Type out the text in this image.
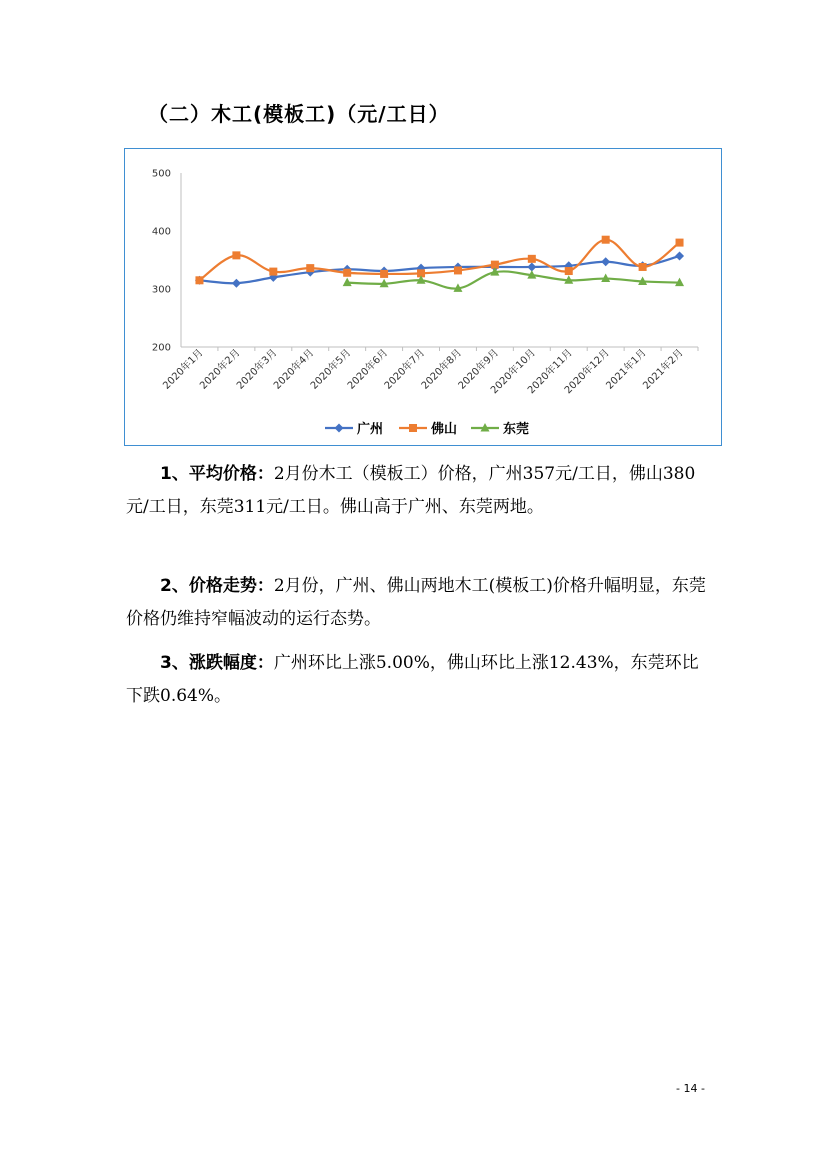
（二）木工(模板工)（元/工日）
200
300
400
500
2020年1月
2020年2月
2020年3月
2020年4月
2020年5月
2020年6月
2020年7月
2020年8月
2020年9月
2020年10月
2020年11月
2020年12月
2021年1月
2021年2月
广州	佛山	东莞

1、平均价格：2月份木工（模板工）价格，广州357元/工日，佛山380元/工日，东莞311元/工日。佛山高于广州、东莞两地。

2、价格走势：2月份，广州、佛山两地木工(模板工)价格升幅明显，东莞价格仍维持窄幅波动的运行态势。

3、涨跌幅度：广州环比上涨5.00%，佛山环比上涨12.43%，东莞环比下跌0.64%。

- 14 -
